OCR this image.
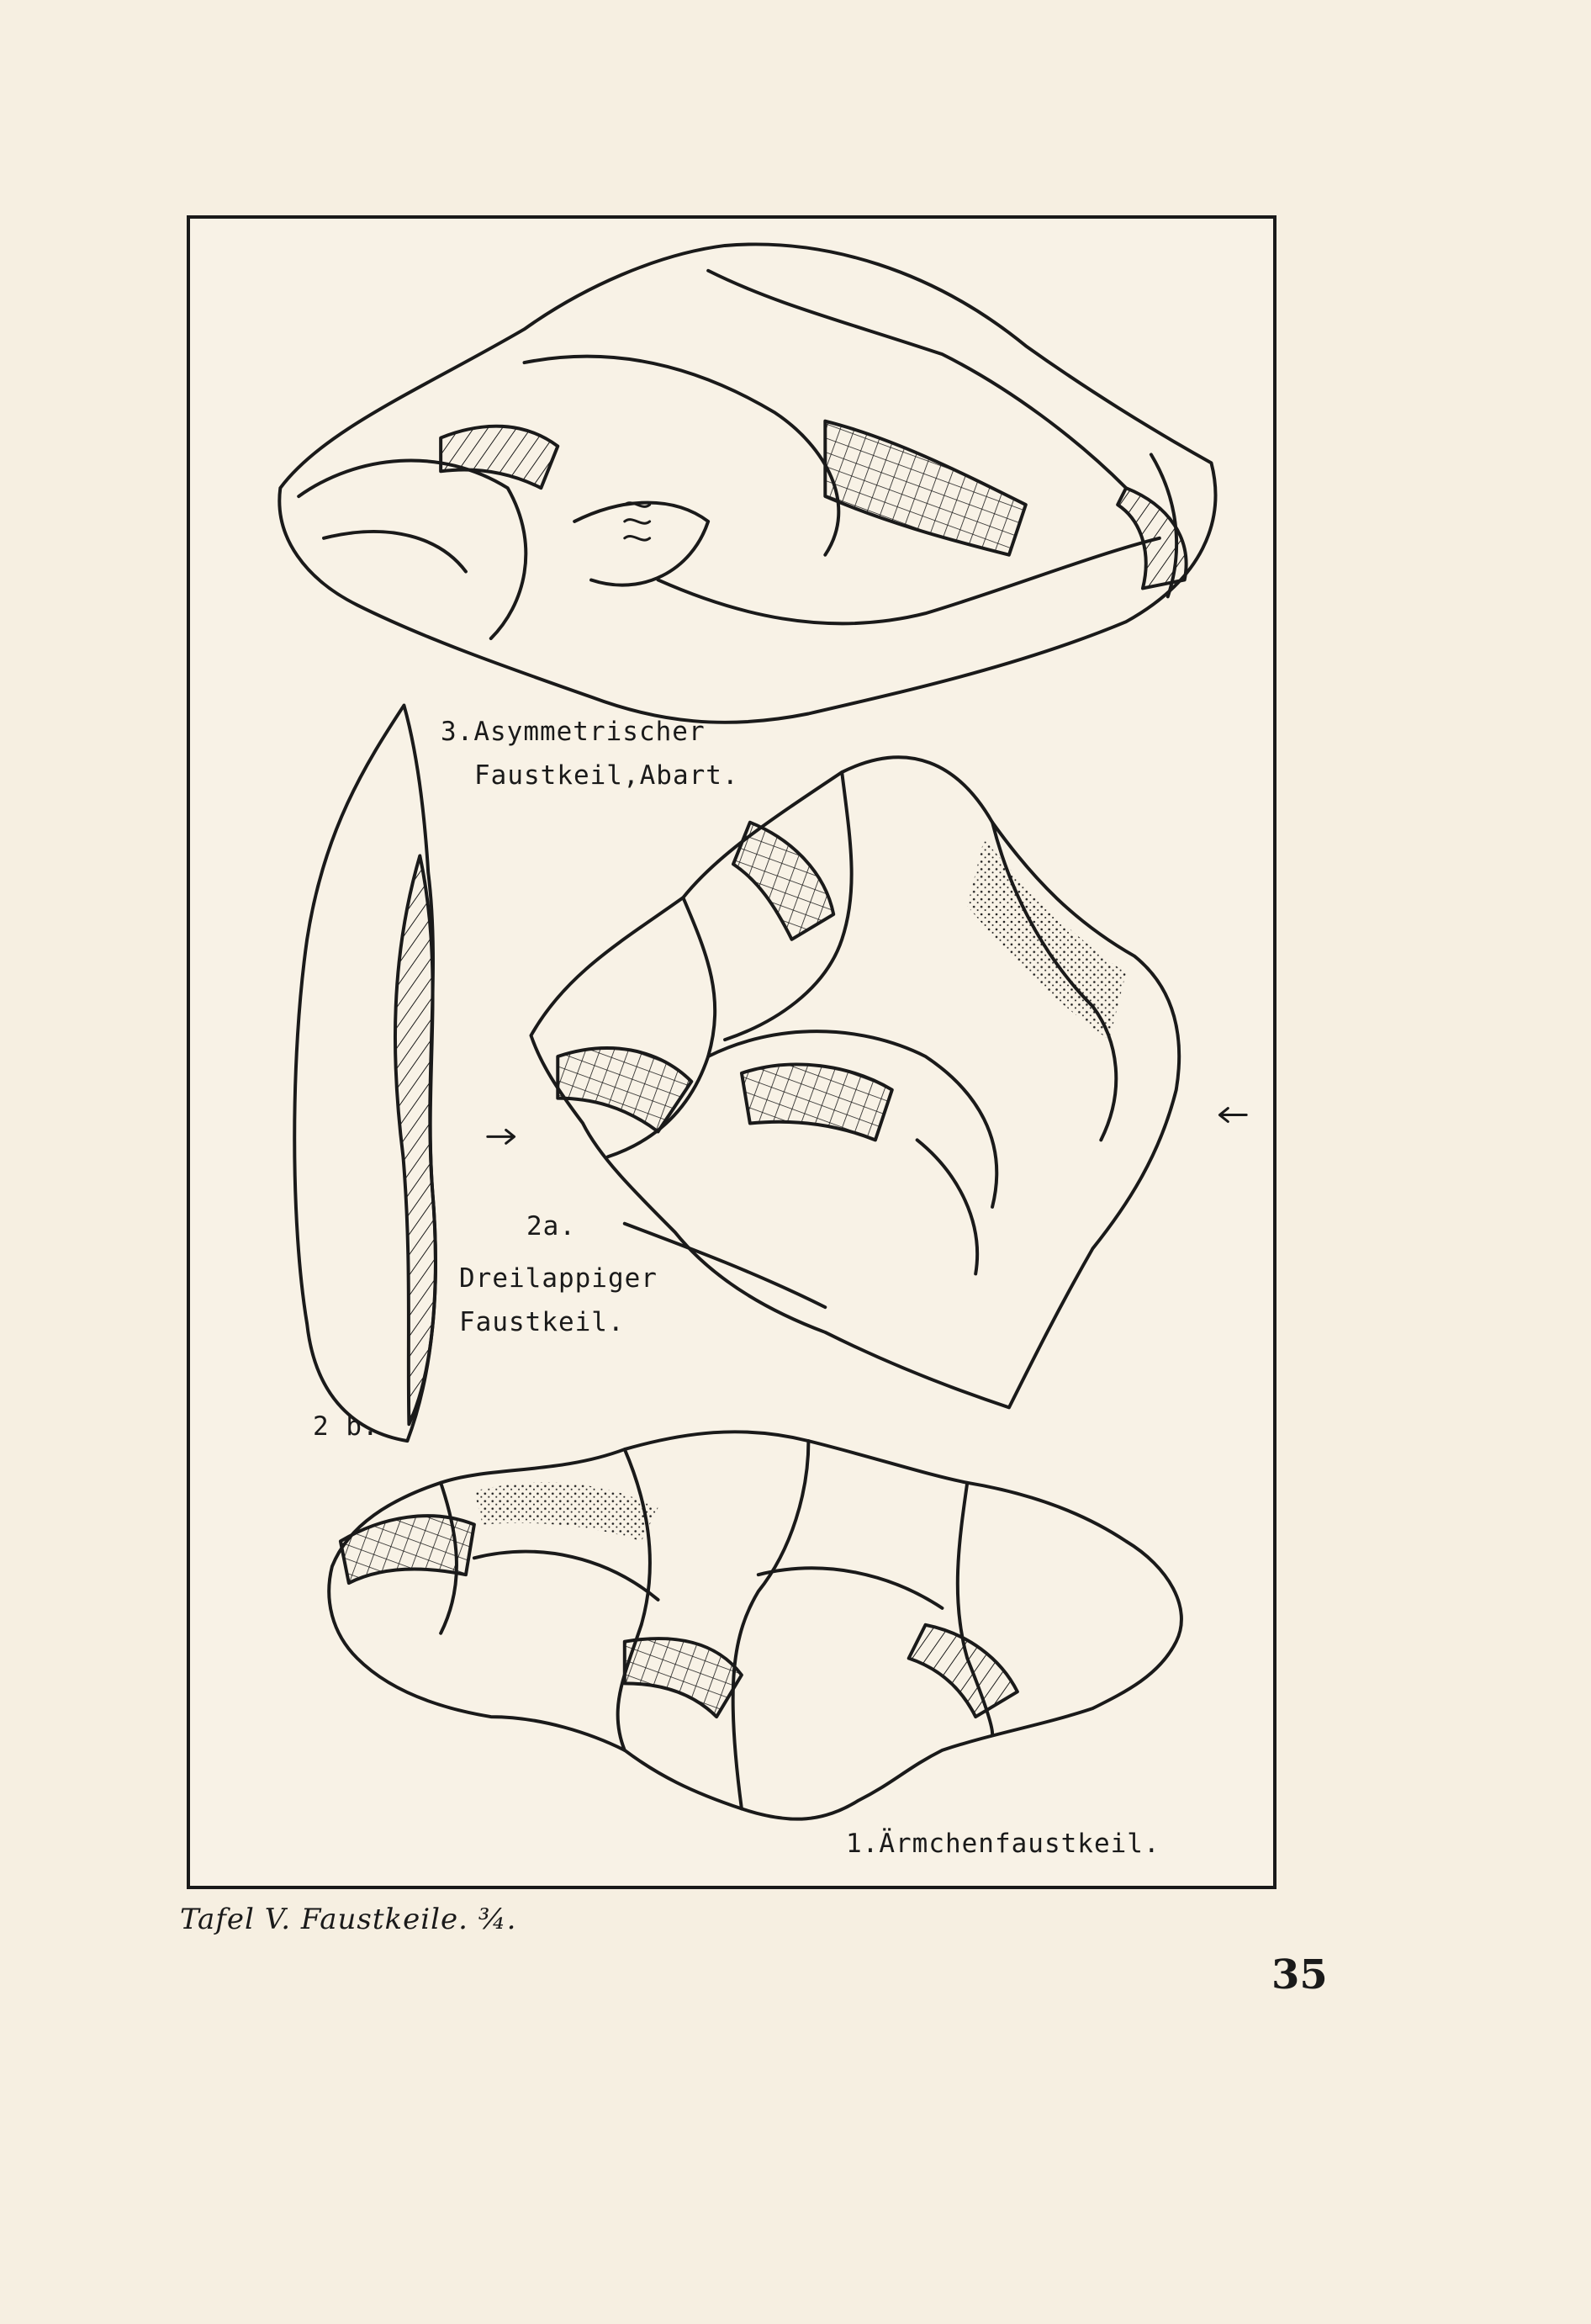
3.Asymmetrischer
Faustkeil,Abart.
2a.
Dreilappiger
Faustkeil.
2 b.
1.Ärmchenfaustkeil.
Tafel V. Faustkeile. ¾.
35
